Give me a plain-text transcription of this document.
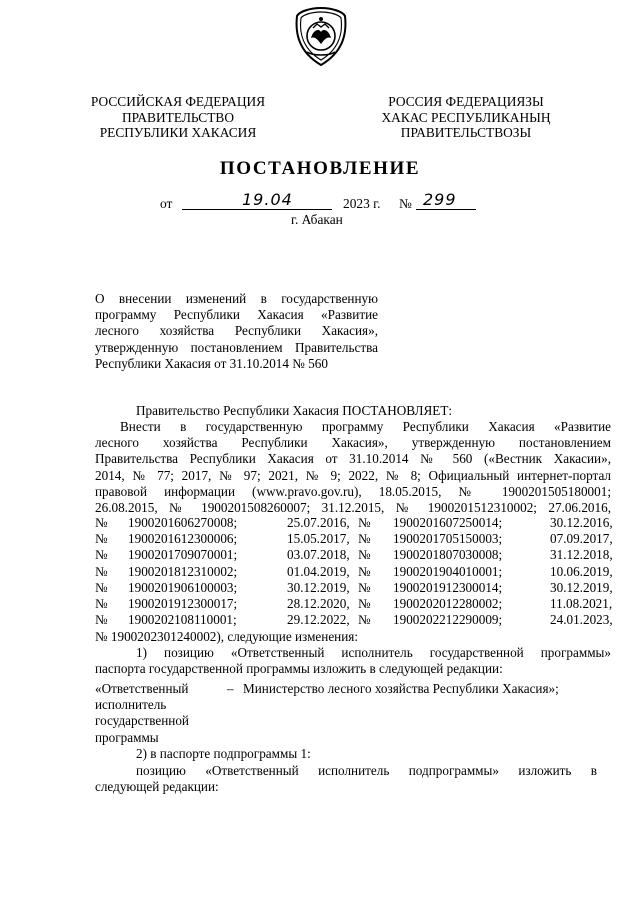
РОССИЙСКАЯ ФЕДЕРАЦИЯ
ПРАВИТЕЛЬСТВО
РЕСПУБЛИКИ ХАКАСИЯ
РОССИЯ ФЕДЕРАЦИЯЗЫ
ХАКАС РЕСПУБЛИКАНЫҢ
ПРАВИТЕЛЬСТВОЗЫ
ПОСТАНОВЛЕНИЕ
от	19.04	2023 г. № 299
г. Абакан
О внесении изменений в государственную
программу Республики Хакасия «Развитие
лесного хозяйства Республики Хакасия»,
утвержденную постановлением Правительства
Республики Хакасия от 31.10.2014 № 560
Правительство Республики Хакасия ПОСТАНОВЛЯЕТ:
Внести в государственную программу Республики Хакасия «Развитие
лесного хозяйства Республики Хакасия», утвержденную постановлением
Правительства Республики Хакасия от 31.10.2014 № 560 («Вестник Хакасии»,
2014, № 77; 2017, № 97; 2021, № 9; 2022, № 8; Официальный интернет-портал
правовой информации (www.pravo.gov.ru), 18.05.2015, № 1900201505180001;
26.08.2015, № 1900201508260007; 31.12.2015, № 1900201512310002; 27.06.2016,
№ 1900201606270008;	25.07.2016, № 1900201607250014;	30.12.2016,
№ 1900201612300006;	15.05.2017, № 1900201705150003;	07.09.2017,
№ 1900201709070001;	03.07.2018, № 1900201807030008;	31.12.2018,
№ 1900201812310002;	01.04.2019, № 1900201904010001;	10.06.2019,
№ 1900201906100003;	30.12.2019, № 1900201912300014;	30.12.2019,
№ 1900201912300017;	28.12.2020, № 1900202012280002;	11.08.2021,
№ 1900202108110001;	29.12.2022, № 1900202212290009;	24.01.2023,
№ 1900202301240002), следующие изменения:
1) позицию «Ответственный исполнитель государственной программы»
паспорта государственной программы изложить в следующей редакции:
«Ответственный
исполнитель
государственной
программы
– Министерство лесного хозяйства Республики Хакасия»;
2) в паспорте подпрограммы 1:
позицию «Ответственный исполнитель подпрограммы» изложить в
следующей редакции:
